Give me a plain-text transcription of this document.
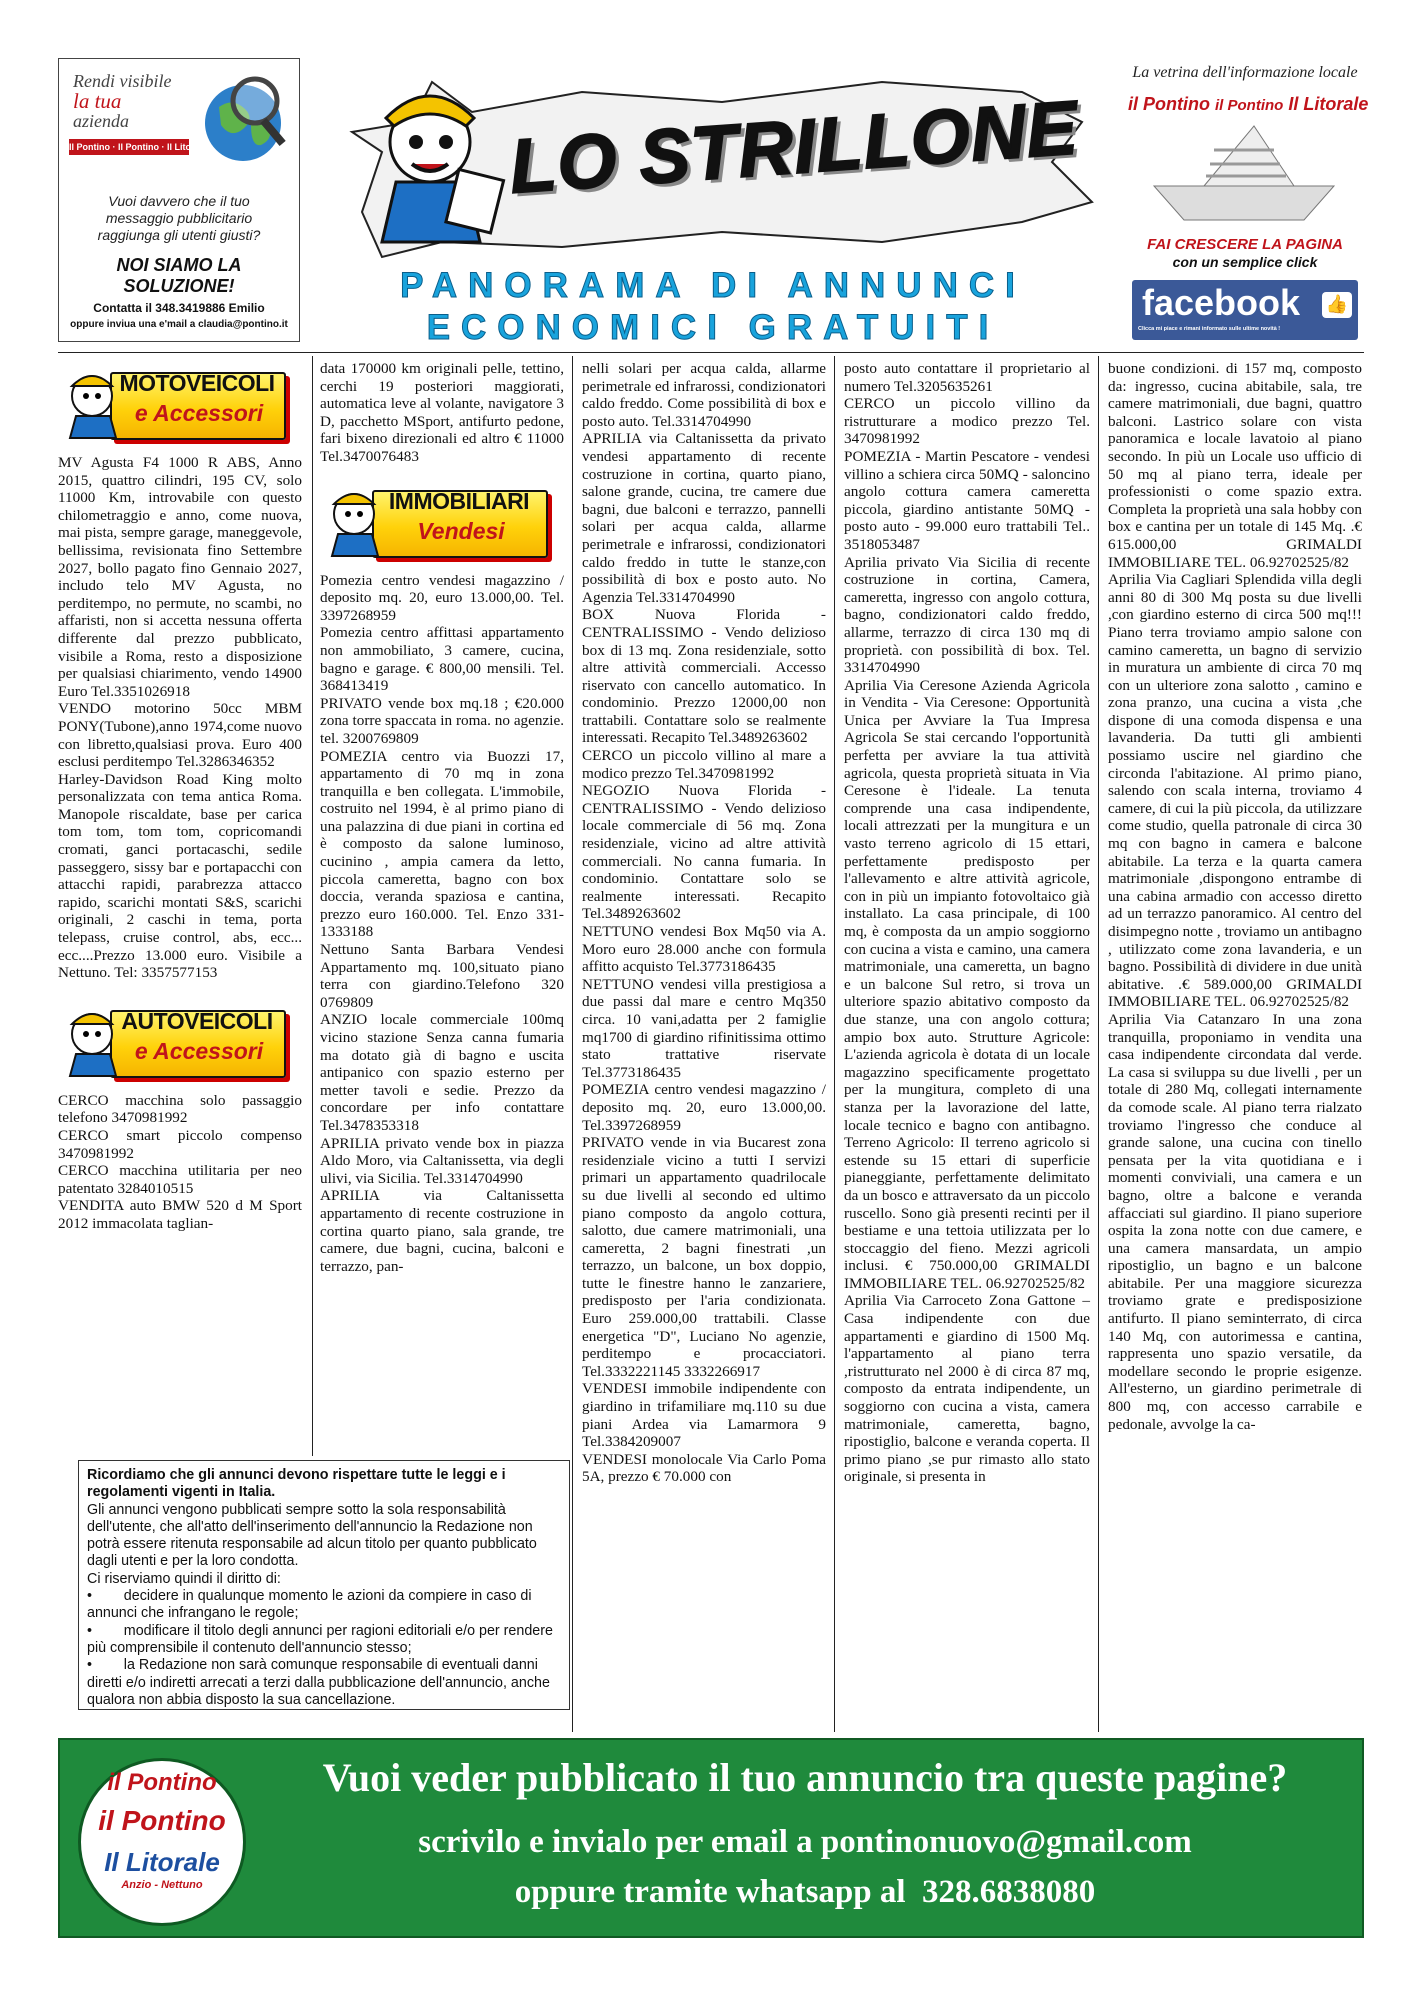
Rendi visibile
la tua
azienda
Il Pontino · Il Pontino · Il Litorale
Vuoi davvero che il tuo messaggio pubblicitario raggiunga gli utenti giusti?
NOI SIAMO LA SOLUZIONE!
Contatta il 348.3419886 Emilio
oppure inviua una e'mail a claudia@pontino.it
LO STRILLONE
PANORAMA DI ANNUNCI
ECONOMICI GRATUITI
La vetrina dell'informazione locale
il Pontino il Pontino Il Litorale
FAI CRESCERE LA PAGINA
con un semplice click
facebook 👍
Clicca mi piace e rimani informato sulle ultime novità !
MOTOVEICOLI
e Accessori

MV Agusta F4 1000 R ABS, Anno 2015, quattro cilindri, 195 CV, solo 11000 Km, introvabile con questo chilometraggio e anno, come nuova, mai pista, sempre garage, maneggevole, bellissima, revisionata fino Settembre 2027, bollo pagato fino Gennaio 2027, includo telo MV Agusta, no perditempo, no permute, no scambi, no affaristi, non si accetta nessuna offerta differente dal prezzo pubblicato, visibile a Roma, resto a disposizione per qualsiasi chiarimento, vendo 14900 Euro Tel.3351026918

VENDO motorino 50cc MBM PONY(Tubone),anno 1974,come nuovo con libretto,qualsiasi prova. Euro 400 esclusi perditempo Tel.3286346352

Harley-Davidson Road King molto personalizzata con tema antica Roma. Manopole riscaldate, base per carica tom tom, tom tom, copricomandi cromati, ganci portacaschi, sedile passeggero, sissy bar e portapacchi con attacchi rapidi, parabrezza attacco rapido, scarichi montati S&S, scarichi originali, 2 caschi in tema, porta telepass, cruise control, abs, ecc... ecc....Prezzo 13.000 euro. Visibile a Nettuno. Tel: 3357577153

AUTOVEICOLI
e Accessori

CERCO macchina solo passaggio telefono 3470981992

CERCO smart piccolo compenso 3470981992

CERCO macchina utilitaria per neo patentato 3284010515

VENDITA auto BMW 520 d M Sport 2012 immacolata taglian-

data 170000 km originali pelle, tettino, cerchi 19 posteriori maggiorati, automatica leve al volante, navigatore 3 D, pacchetto MSport, antifurto pedone, fari bixeno direzionali ed altro € 11000 Tel.3470076483

IMMOBILIARI
Vendesi

Pomezia centro vendesi magazzino / deposito mq. 20, euro 13.000,00. Tel. 3397268959

Pomezia centro affittasi appartamento non ammobiliato, 3 camere, cucina, bagno e garage. € 800,00 mensili. Tel. 368413419

PRIVATO vende box mq.18 ; €20.000 zona torre spaccata in roma. no agenzie. tel. 3200769809

POMEZIA centro via Buozzi 17, appartamento di 70 mq in zona tranquilla e ben collegata. L'immobile, costruito nel 1994, è al primo piano di una palazzina di due piani in cortina ed è composto da salone luminoso, cucinino , ampia camera da letto, piccola cameretta, bagno con box doccia, veranda spaziosa e cantina, prezzo euro 160.000. Tel. Enzo 331-1333188

Nettuno Santa Barbara Vendesi Appartamento mq. 100,situato piano terra con giardino.Telefono 320 0769809

ANZIO locale commerciale 100mq vicino stazione Senza canna fumaria ma dotato già di bagno e uscita antipanico con spazio esterno per metter tavoli e sedie. Prezzo da concordare per info contattare Tel.3478353318

APRILIA privato vende box in piazza Aldo Moro, via Caltanissetta, via degli ulivi, via Sicilia. Tel.3314704990

APRILIA via Caltanissetta appartamento di recente costruzione in cortina quarto piano, sala grande, tre camere, due bagni, cucina, balconi e terrazzo, pan-

nelli solari per acqua calda, allarme perimetrale ed infrarossi, condizionatori caldo freddo. Come possibilità di box e posto auto. Tel.3314704990

APRILIA via Caltanissetta da privato vendesi appartamento di recente costruzione in cortina, quarto piano, salone grande, cucina, tre camere due bagni, due balconi e terrazzo, pannelli solari per acqua calda, allarme perimetrale e infrarossi, condizionatori caldo freddo in tutte le stanze,con possibilità di box e posto auto. No Agenzia Tel.3314704990

BOX Nuova Florida - CENTRALISSIMO - Vendo delizioso box di 13 mq. Zona residenziale, sotto altre attività commerciali. Accesso riservato con cancello automatico. In condominio. Prezzo 12000,00 non trattabili. Contattare solo se realmente interessati. Recapito Tel.3489263602

CERCO un piccolo villino al mare a modico prezzo Tel.3470981992

NEGOZIO Nuova Florida - CENTRALISSIMO - Vendo delizioso locale commerciale di 56 mq. Zona residenziale, vicino ad altre attività commerciali. No canna fumaria. In condominio. Contattare solo se realmente interessati. Recapito Tel.3489263602

NETTUNO vendesi Box Mq50 via A. Moro euro 28.000 anche con formula affitto acquisto Tel.3773186435

NETTUNO vendesi villa prestigiosa a due passi dal mare e centro Mq350 circa. 10 vani,adatta per 2 famiglie mq1700 di giardino rifinitissima ottimo stato trattative riservate Tel.3773186435

POMEZIA centro vendesi magazzino / deposito mq. 20, euro 13.000,00. Tel.3397268959

PRIVATO vende in via Bucarest zona residenziale vicino a tutti I servizi primari un appartamento quadrilocale su due livelli al secondo ed ultimo piano composto da angolo cottura, salotto, due camere matrimoniali, una cameretta, 2 bagni finestrati ,un terrazzo, un balcone, un box doppio, tutte le finestre hanno le zanzariere, predisposto per l'aria condizionata. Euro 259.000,00 trattabili. Classe energetica "D", Luciano No agenzie, perditempo e procacciatori. Tel.3332221145 3332266917

VENDESI immobile indipendente con giardino in trifamiliare mq.110 su due piani Ardea via Lamarmora 9 Tel.3384209007

VENDESI monolocale Via Carlo Poma 5A, prezzo € 70.000 con

posto auto contattare il proprietario al numero Tel.3205635261

CERCO un piccolo villino da ristrutturare a modico prezzo Tel. 3470981992

POMEZIA - Martin Pescatore - vendesi villino a schiera circa 50MQ - saloncino angolo cottura camera cameretta piccola, giardino antistante 50MQ - posto auto - 99.000 euro trattabili Tel.. 3518053487

Aprilia privato Via Sicilia di recente costruzione in cortina, Camera, cameretta, ingresso con angolo cottura, bagno, condizionatori caldo freddo, allarme, terrazzo di circa 130 mq di proprietà. con possibilità di box. Tel. 3314704990

Aprilia Via Ceresone Azienda Agricola in Vendita - Via Ceresone: Opportunità Unica per Avviare la Tua Impresa Agricola Se stai cercando l'opportunità perfetta per avviare la tua attività agricola, questa proprietà situata in Via Ceresone è l'ideale. La tenuta comprende una casa indipendente, locali attrezzati per la mungitura e un vasto terreno agricolo di 15 ettari, perfettamente predisposto per l'allevamento e altre attività agricole, con in più un impianto fotovoltaico già installato. La casa principale, di 100 mq, è composta da un ampio soggiorno con cucina a vista e camino, una camera matrimoniale, una cameretta, un bagno e un balcone Sul retro, si trova un ulteriore spazio abitativo composto da due stanze, una con angolo cottura; ampio box auto. Strutture Agricole: L'azienda agricola è dotata di un locale magazzino specificamente progettato per la mungitura, completo di una stanza per la lavorazione del latte, locale tecnico e bagno con antibagno. Terreno Agricolo: Il terreno agricolo si estende su 15 ettari di superficie pianeggiante, perfettamente delimitato da un bosco e attraversato da un piccolo ruscello. Sono già presenti recinti per il bestiame e una tettoia utilizzata per lo stoccaggio del fieno. Mezzi agricoli inclusi. € 750.000,00 GRIMALDI IMMOBILIARE TEL. 06.92702525/82

Aprilia Via Carroceto Zona Gattone – Casa indipendente con due appartamenti e giardino di 1500 Mq. l'appartamento al piano terra ,ristrutturato nel 2000 è di circa 87 mq, composto da entrata indipendente, un soggiorno con cucina a vista, camera matrimoniale, cameretta, bagno, ripostiglio, balcone e veranda coperta. Il primo piano ,se pur rimasto allo stato originale, si presenta in

buone condizioni. di 157 mq, composto da: ingresso, cucina abitabile, sala, tre camere matrimoniali, due bagni, quattro balconi. Lastrico solare con vista panoramica e locale lavatoio al piano secondo. In più un Locale uso ufficio di 50 mq al piano terra, ideale per professionisti o come spazio extra. Completa la proprietà una sala hobby con box e cantina per un totale di 145 Mq. .€ 615.000,00 GRIMALDI IMMOBILIARE TEL. 06.92702525/82

Aprilia Via Cagliari Splendida villa degli anni 80 di 300 Mq posta su due livelli ,con giardino esterno di circa 500 mq!!! Piano terra troviamo ampio salone con camino cameretta, un bagno di servizio in muratura un ambiente di circa 70 mq con un ulteriore zona salotto , camino e zona pranzo, una cucina a vista ,che dispone di una comoda dispensa e una lavanderia. Da tutti gli ambienti possiamo uscire nel giardino che circonda l'abitazione. Al primo piano, salendo con scala interna, troviamo 4 camere, di cui la più piccola, da utilizzare come studio, quella patronale di circa 30 mq con bagno in camera e balcone abitabile. La terza e la quarta camera matrimoniale ,dispongono entrambe di una cabina armadio con accesso diretto ad un terrazzo panoramico. Al centro del disimpegno notte , troviamo un antibagno , utilizzato come zona lavanderia, e un bagno. Possibilità di dividere in due unità abitative. .€ 589.000,00 GRIMALDI IMMOBILIARE TEL. 06.92702525/82

Aprilia Via Catanzaro In una zona tranquilla, proponiamo in vendita una casa indipendente circondata dal verde. La casa si sviluppa su due livelli , per un totale di 280 Mq, collegati internamente da comode scale. Al piano terra rialzato troviamo l'ingresso che conduce al grande salone, una cucina con tinello pensata per la vita quotidiana e i momenti conviviali, una camera e un bagno, oltre a balcone e veranda affacciati sul giardino. Il piano superiore ospita la zona notte con due camere, e una camera mansardata, un ampio ripostiglio, un bagno e un balcone abitabile. Per una maggiore sicurezza troviamo grate e predisposizione antifurto. Il piano seminterrato, di circa 140 Mq, con autorimessa e cantina, rappresenta uno spazio versatile, da modellare secondo le proprie esigenze. All'esterno, un giardino perimetrale di 800 mq, con accesso carrabile e pedonale, avvolge la ca-

Ricordiamo che gli annunci devono rispettare tutte le leggi e i regolamenti vigenti in Italia.

Gli annunci vengono pubblicati sempre sotto la sola responsabilità dell'utente, che all'atto dell'inserimento dell'annuncio la Redazione non potrà essere ritenuta responsabile ad alcun titolo per quanto pubblicato dagli utenti e per la loro condotta.

Ci riserviamo quindi il diritto di:

•        decidere in qualunque momento le azioni da compiere in caso di annunci che infrangano le regole;

•        modificare il titolo degli annunci per ragioni editoriali e/o per rendere più comprensibile il contenuto dell'annuncio stesso;

•        la Redazione non sarà comunque responsabile di eventuali danni diretti e/o indiretti arrecati a terzi dalla pubblicazione dell'annuncio, anche qualora non abbia disposto la sua cancellazione.

il Pontino
il Pontino
Il Litorale
Anzio - Nettuno
Vuoi veder pubblicato il tuo annuncio tra queste pagine?
scrivilo e invialo per email a pontinonuovo@gmail.com
oppure tramite whatsapp al  328.6838080
